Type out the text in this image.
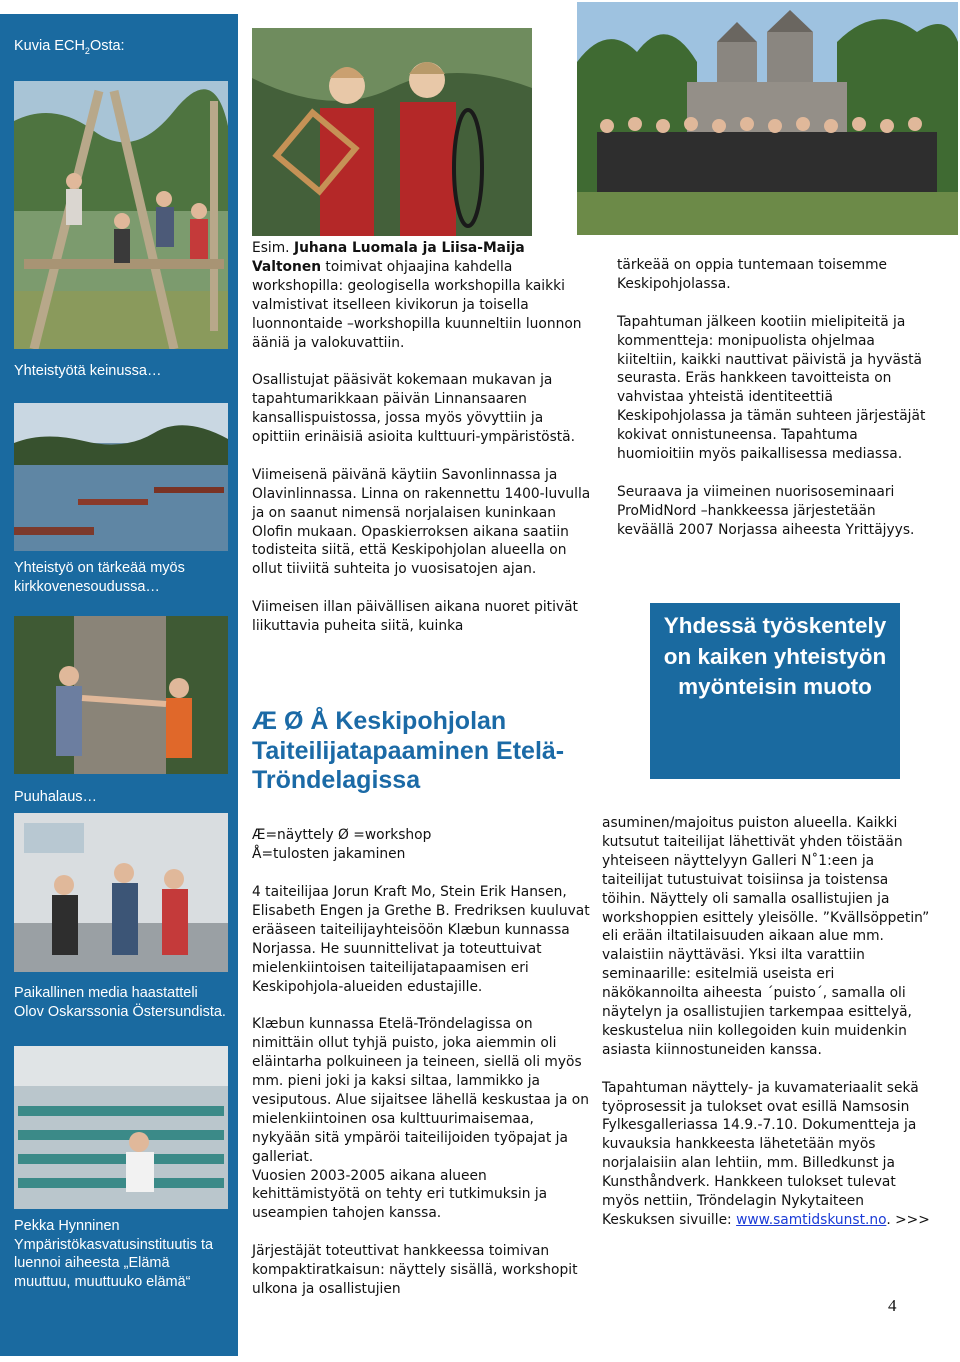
Kuvia $ECH_2Osta$:
Yhteistyötä keinussa…
Yhteistyö on tärkeää myös kirkkovenesoudussa…
Puuhalaus…
Paikallinen media haastatteli Olov Oskarssonia Östersundista.
Pekka Hynninen Ympäristökasvatusinstituutis ta luennoi aiheesta „Elämä muuttuu, muuttuuko elämä“

Esim. Juhana Luomala ja Liisa-Maija Valtonen toimivat ohjaajina kahdella workshopilla: geologisella workshopilla kaikki valmistivat itselleen kivikorun ja toisella luonnontaide –workshopilla kuunneltiin luonnon ääniä ja valokuvattiin.

Osallistujat pääsivät kokemaan mukavan ja tapahtumarikkaan päivän Linnansaaren kansallispuistossa, jossa myös yövyttiin ja opittiin erinäisiä asioita kulttuuri-ympäristöstä.

Viimeisenä päivänä käytiin Savonlinnassa ja Olavinlinnassa. Linna on rakennettu 1400-luvulla ja on saanut nimensä norjalaisen kuninkaan Olofin mukaan. Opaskierroksen aikana saatiin todisteita siitä, että Keskipohjolan alueella on ollut tiiviitä suhteita jo vuosisatojen ajan.

Viimeisen illan päivällisen aikana nuoret pitivät liikuttavia puheita siitä, kuinka

Æ Ø Å Keskipohjolan Taiteilijatapaaminen Etelä-Tröndelagissa
Æ=näyttely Ø =workshop
Å=tulosten jakaminen

4 taiteilijaa Jorun Kraft Mo, Stein Erik Hansen, Elisabeth Engen ja Grethe B. Fredriksen kuuluvat erääseen taiteilijayhteisöön Klæbun kunnassa Norjassa. He suunnittelivat ja toteuttuivat mielenkiintoisen taiteilijatapaamisen eri Keskipohjola-alueiden edustajille.

Klæbun kunnassa Etelä-Tröndelagissa on nimittäin ollut tyhjä puisto, joka aiemmin oli eläintarha polkuineen ja teineen, siellä oli myös mm. pieni joki ja kaksi siltaa, lammikko ja vesiputous. Alue sijaitsee lähellä keskustaa ja on mielenkiintoinen osa kulttuurimaisemaa, nykyään sitä ympäröi taiteilijoiden työpajat ja galleriat.

Vuosien 2003-2005 aikana alueen kehittämistyötä on tehty eri tutkimuksin ja useampien tahojen kanssa.

Järjestäjät toteuttivat hankkeessa toimivan kompaktiratkaisun: näyttely sisällä, workshopit ulkona ja osallistujien

tärkeää on oppia tuntemaan toisemme Keskipohjolassa.

Tapahtuman jälkeen kootiin mielipiteitä ja kommentteja: monipuolista ohjelmaa kiiteltiin, kaikki nauttivat päivistä ja hyvästä seurasta. Eräs hankkeen tavoitteista on vahvistaa yhteistä identiteettiä Keskipohjolassa ja tämän suhteen järjestäjät kokivat onnistuneensa. Tapahtuma huomioitiin myös paikallisessa mediassa.

Seuraava ja viimeinen nuorisoseminaari ProMidNord –hankkeessa järjestetään keväällä 2007 Norjassa aiheesta Yrittäjyys.

Yhdessä työskentely on kaiken yhteistyön myönteisin muoto

asuminen/majoitus puiston alueella. Kaikki kutsutut taiteilijat lähettivät yhden töistään yhteiseen näyttelyyn Galleri N˚1:een ja taiteilijat tutustuivat toisiinsa ja toistensa töihin. Näyttely oli samalla osallistujien ja workshoppien esittely yleisölle. ”Kvällsöppetin” eli erään iltatilaisuuden aikaan alue mm. valaistiin näyttäväsi. Yksi ilta varattiin seminaarille: esitelmiä useista eri näkökannoilta aiheesta ´puisto´, samalla oli näytelyn ja osallistujien tarkempaa esittelyä, keskustelua niin kollegoiden kuin muidenkin asiasta kiinnostuneiden kanssa.

Tapahtuman näyttely- ja kuvamateriaalit sekä työprosessit ja tulokset ovat esillä Namsosin Fylkesgalleriassa 14.9.-7.10. Dokumentteja ja kuvauksia hankkeesta lähetetään myös norjalaisiin alan lehtiin, mm. Billedkunst ja Kunsthåndverk. Hankkeen tulokset tulevat myös nettiin, Tröndelagin Nykytaiteen Keskuksen sivuille: www.samtidskunst.no. >>>

4
